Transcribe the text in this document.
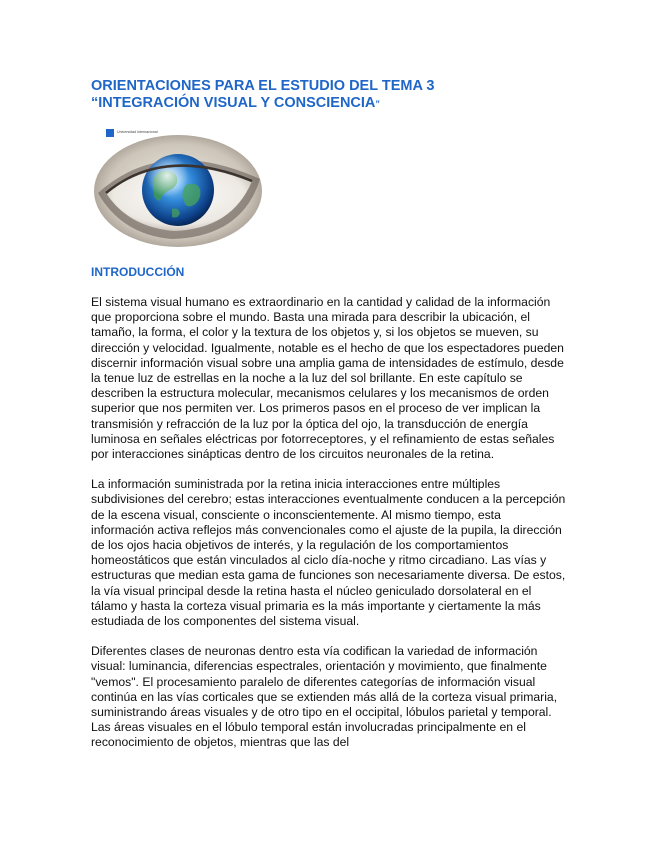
ORIENTACIONES PARA EL ESTUDIO DEL TEMA 3
“INTEGRACIÓN VISUAL Y CONSCIENCIA”
Universidad Internacional
INTRODUCCIÓN

El sistema visual humano es extraordinario en la cantidad y calidad de la información que proporciona sobre el mundo. Basta una mirada para describir la ubicación, el tamaño, la forma, el color y la textura de los objetos y, si los objetos se mueven, su dirección y velocidad. Igualmente, notable es el hecho de que los espectadores pueden discernir información visual sobre una amplia gama de intensidades de estímulo, desde la tenue luz de estrellas en la noche a la luz del sol brillante. En este capítulo se describen la estructura molecular, mecanismos celulares y los mecanismos de orden superior que nos permiten ver. Los primeros pasos en el proceso de ver implican la transmisión y refracción de la luz por la óptica del ojo, la transducción de energía luminosa en señales eléctricas por fotorreceptores, y el refinamiento de estas señales por interacciones sinápticas dentro de los circuitos neuronales de la retina.

La información suministrada por la retina inicia interacciones entre múltiples subdivisiones del cerebro; estas interacciones eventualmente conducen a la percepción de la escena visual, consciente o inconscientemente. Al mismo tiempo, esta información activa reflejos más convencionales como el ajuste de la pupila, la dirección de los ojos hacia objetivos de interés, y la regulación de los comportamientos homeostáticos que están vinculados al ciclo día-noche y ritmo circadiano. Las vías y estructuras que median esta gama de funciones son necesariamente diversa. De estos, la vía visual principal desde la retina hasta el núcleo geniculado dorsolateral en el tálamo y hasta la corteza visual primaria es la más importante y ciertamente la más estudiada de los componentes del sistema visual.

Diferentes clases de neuronas dentro esta vía codifican la variedad de información visual: luminancia, diferencias espectrales, orientación y movimiento, que finalmente "vemos". El procesamiento paralelo de diferentes categorías de información visual continúa en las vías corticales que se extienden más allá de la corteza visual primaria, suministrando áreas visuales y de otro tipo en el occipital, lóbulos parietal y temporal. Las áreas visuales en el lóbulo temporal están involucradas principalmente en el reconocimiento de objetos, mientras que las del
